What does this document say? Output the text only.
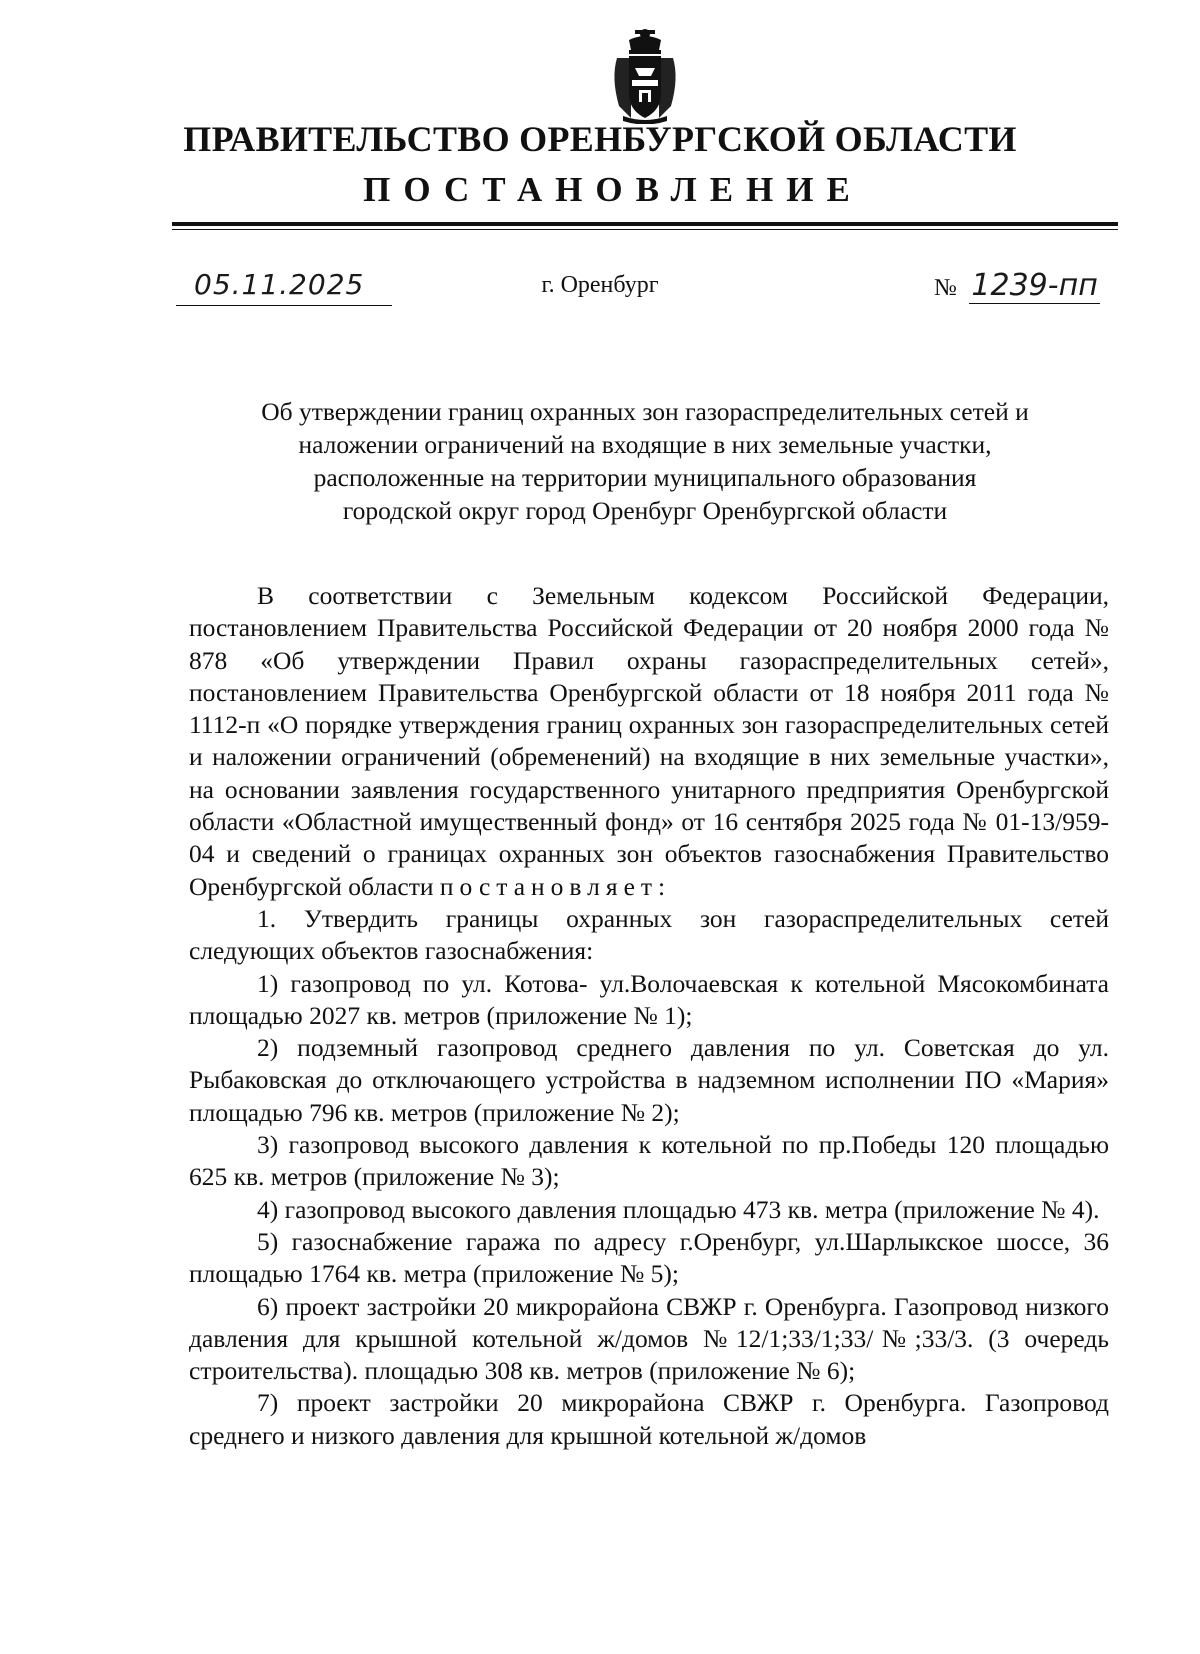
ПРАВИТЕЛЬСТВО ОРЕНБУРГСКОЙ ОБЛАСТИ
ПОСТАНОВЛЕНИЕ
05.11.2025	г. Оренбург	№ 1239-пп
Об утверждении границ охранных зон газораспределительных сетей и
наложении ограничений на входящие в них земельные участки,
расположенные на территории муниципального образования
городской округ город Оренбург Оренбургской области

В соответствии с Земельным кодексом Российской Федерации, постановлением Правительства Российской Федерации от 20 ноября 2000 года № 878 «Об утверждении Правил охраны газораспределительных сетей», постановлением Правительства Оренбургской области от 18 ноября 2011 года № 1112-п «О порядке утверждения границ охранных зон газораспределительных сетей и наложении ограничений (обременений) на входящие в них земельные участки», на основании заявления государственного унитарного предприятия Оренбургской области «Областной имущественный фонд» от 16 сентября 2025 года № 01-13/959-04 и сведений о границах охранных зон объектов газоснабжения Правительство Оренбургской области постановляет:

1. Утвердить границы охранных зон газораспределительных сетей следующих объектов газоснабжения:

1) газопровод по ул. Котова- ул.Волочаевская к котельной Мясокомбината площадью 2027 кв. метров (приложение № 1);

2) подземный газопровод среднего давления по ул. Советская до ул. Рыбаковская до отключающего устройства в надземном исполнении ПО «Мария» площадью 796 кв. метров (приложение № 2);

3) газопровод высокого давления к котельной по пр.Победы 120 площадью 625 кв. метров (приложение № 3);

4) газопровод высокого давления площадью 473 кв. метра (приложение № 4).

5) газоснабжение гаража по адресу г.Оренбург, ул.Шарлыкское шоссе, 36 площадью 1764 кв. метра (приложение № 5);

6) проект застройки 20 микрорайона СВЖР г. Оренбурга. Газопровод низкого давления для крышной котельной ж/домов №12/1;33/1;33/№;33/3. (3 очередь строительства). площадью 308 кв. метров (приложение № 6);

7) проект застройки 20 микрорайона СВЖР г. Оренбурга. Газопровод среднего и низкого давления для крышной котельной ж/домов
